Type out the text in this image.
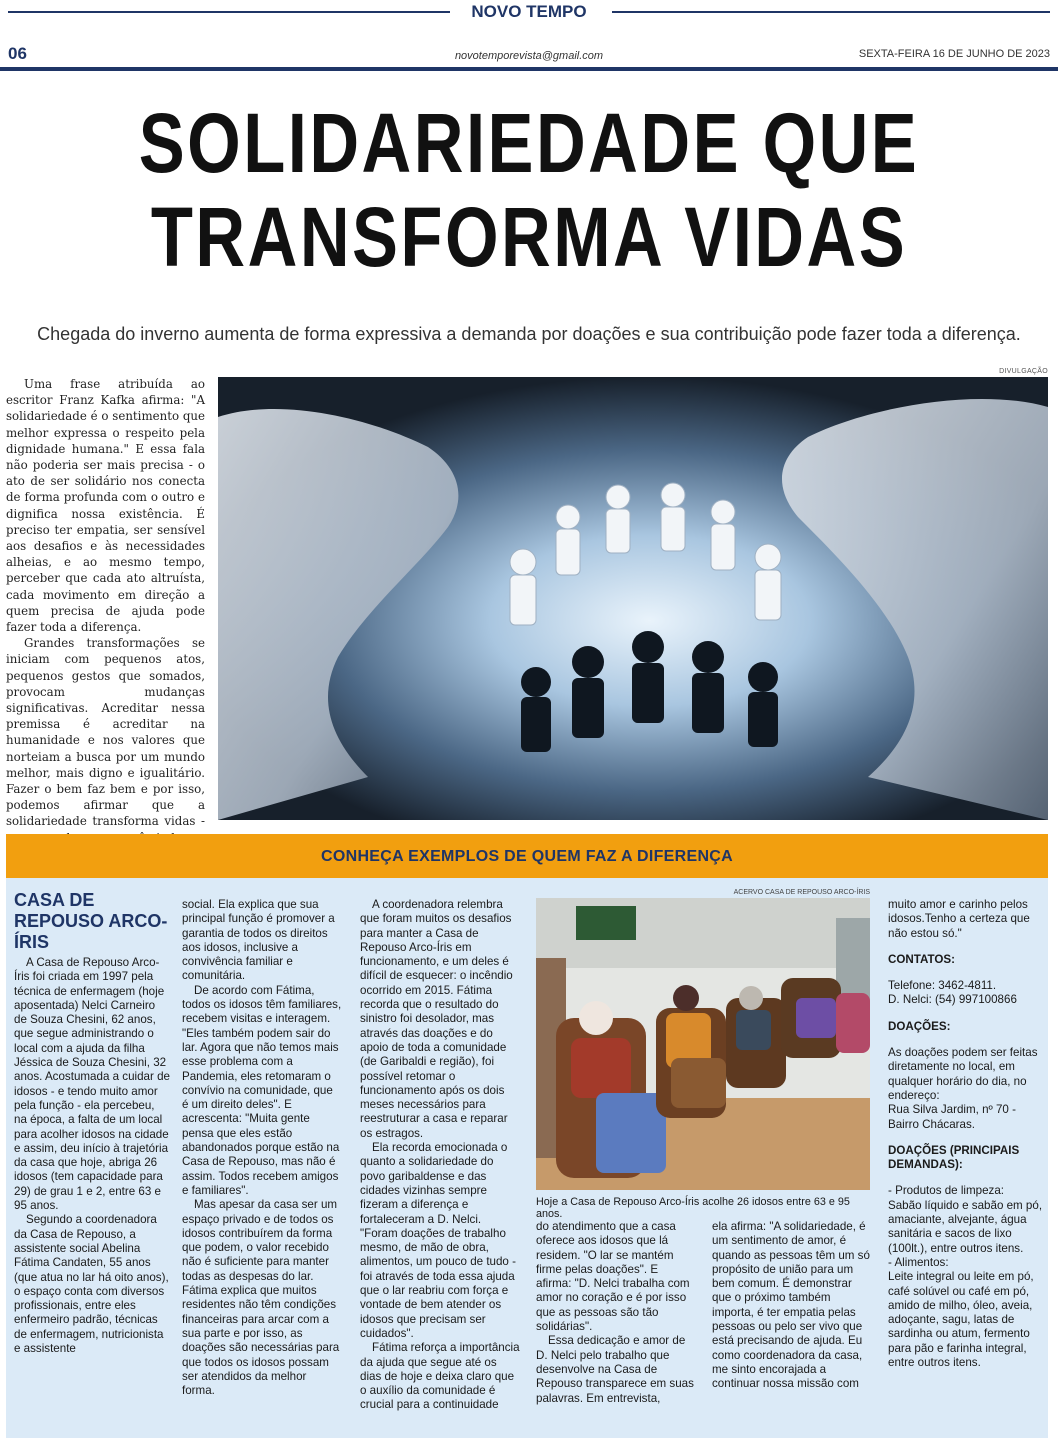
NOVO TEMPO
06	novotemporevista@gmail.com	SEXTA-FEIRA 16 DE JUNHO DE 2023
SOLIDARIEDADE QUE
TRANSFORMA VIDAS
Chegada do inverno aumenta de forma expressiva a demanda por doações e sua contribuição pode fazer toda a diferença.

Uma frase atribuída ao escritor Franz Kafka afirma: "A solidariedade é o sentimento que melhor expressa o respeito pela dignidade humana." E essa fala não poderia ser mais precisa - o ato de ser solidário nos conecta de forma profunda com o outro e dignifica nossa existência. É preciso ter empatia, ser sensível aos desafios e às necessidades alheias, e ao mesmo tempo, perceber que cada ato altruísta, cada movimento em direção a quem precisa de ajuda pode fazer toda a diferença.

Grandes transformações se iniciam com pequenos atos, pequenos gestos que somados, provocam mudanças significativas. Acreditar nessa premissa é acreditar na humanidade e nos valores que norteiam a busca por um mundo melhor, mais digno e igualitário. Fazer o bem faz bem e por isso, podemos afirmar que a solidariedade transforma vidas -

DIVULGAÇÃO
CONHEÇA EXEMPLOS DE QUEM FAZ A DIFERENÇA
CASA DE REPOUSO ARCO-ÍRIS

A Casa de Repouso Arco-Íris foi criada em 1997 pela técnica de enfermagem (hoje aposentada) Nelci Carneiro de Souza Chesini, 62 anos, que segue administrando o local com a ajuda da filha Jéssica de Souza Chesini, 32 anos. Acostumada a cuidar de idosos - e tendo muito amor pela função - ela percebeu, na época, a falta de um local para acolher idosos na cidade e assim, deu início à trajetória da casa que hoje, abriga 26 idosos (tem capacidade para 29) de grau 1 e 2, entre 63 e 95 anos.

Segundo a coordenadora da Casa de Repouso, a assistente social Abelina Fátima Candaten, 55 anos (que atua no lar há oito anos), o espaço conta com diversos profissionais, entre eles enfermeiro padrão, técnicas de enfermagem, nutricionista e assistente

social. Ela explica que sua principal função é promover a garantia de todos os direitos aos idosos, inclusive a convivência familiar e comunitária.

De acordo com Fátima, todos os idosos têm familiares, recebem visitas e interagem. "Eles também podem sair do lar. Agora que não temos mais esse problema com a Pandemia, eles retomaram o convívio na comunidade, que é um direito deles". E acrescenta: "Muita gente pensa que eles estão abandonados porque estão na Casa de Repouso, mas não é assim. Todos recebem amigos e familiares".

Mas apesar da casa ser um espaço privado e de todos os idosos contribuírem da forma que podem, o valor recebido não é suficiente para manter todas as despesas do lar. Fátima explica que muitos residentes não têm condições financeiras para arcar com a sua parte e por isso, as doações são necessárias para que todos os idosos possam ser atendidos da melhor forma.

A coordenadora relembra que foram muitos os desafios para manter a Casa de Repouso Arco-Íris em funcionamento, e um deles é difícil de esquecer: o incêndio ocorrido em 2015. Fátima recorda que o resultado do sinistro foi desolador, mas através das doações e do apoio de toda a comunidade (de Garibaldi e região), foi possível retomar o funcionamento após os dois meses necessários para reestruturar a casa e reparar os estragos.

Ela recorda emocionada o quanto a solidariedade do povo garibaldense e das cidades vizinhas sempre fizeram a diferença e fortaleceram a D. Nelci. "Foram doações de trabalho mesmo, de mão de obra, alimentos, um pouco de tudo - foi através de toda essa ajuda que o lar reabriu com força e vontade de bem atender os idosos que precisam ser cuidados".

Fátima reforça a importância da ajuda que segue até os dias de hoje e deixa claro que o auxílio da comunidade é crucial para a continuidade

ACERVO CASA DE REPOUSO ARCO-ÍRIS
Hoje a Casa de Repouso Arco-Íris acolhe 26 idosos entre 63 e 95 anos.

do atendimento que a casa oferece aos idosos que lá residem. "O lar se mantém firme pelas doações". E afirma: "D. Nelci trabalha com amor no coração e é por isso que as pessoas são tão solidárias".

Essa dedicação e amor de D. Nelci pelo trabalho que desenvolve na Casa de Repouso transparece em suas palavras. Em entrevista,

ela afirma: "A solidariedade, é um sentimento de amor, é quando as pessoas têm um só propósito de união para um bem comum. É demonstrar que o próximo também importa, é ter empatia pelas pessoas ou pelo ser vivo que está precisando de ajuda. Eu como coordenadora da casa, me sinto encorajada a continuar nossa missão com

muito amor e carinho pelos idosos.Tenho a certeza que não estou só."

CONTATOS:
Telefone: 3462-4811.
D. Nelci: (54) 997100866
DOAÇÕES:
As doações podem ser feitas diretamente no local, em qualquer horário do dia, no endereço:
Rua Silva Jardim, nº 70 -
Bairro Chácaras.
DOAÇÕES (PRINCIPAIS DEMANDAS):
- Produtos de limpeza:
Sabão líquido e sabão em pó, amaciante, alvejante, água sanitária e sacos de lixo (100lt.), entre outros itens.
- Alimentos:
Leite integral ou leite em pó, café solúvel ou café em pó, amido de milho, óleo, aveia, adoçante, sagu, latas de sardinha ou atum, fermento para pão e farinha integral, entre outros itens.
